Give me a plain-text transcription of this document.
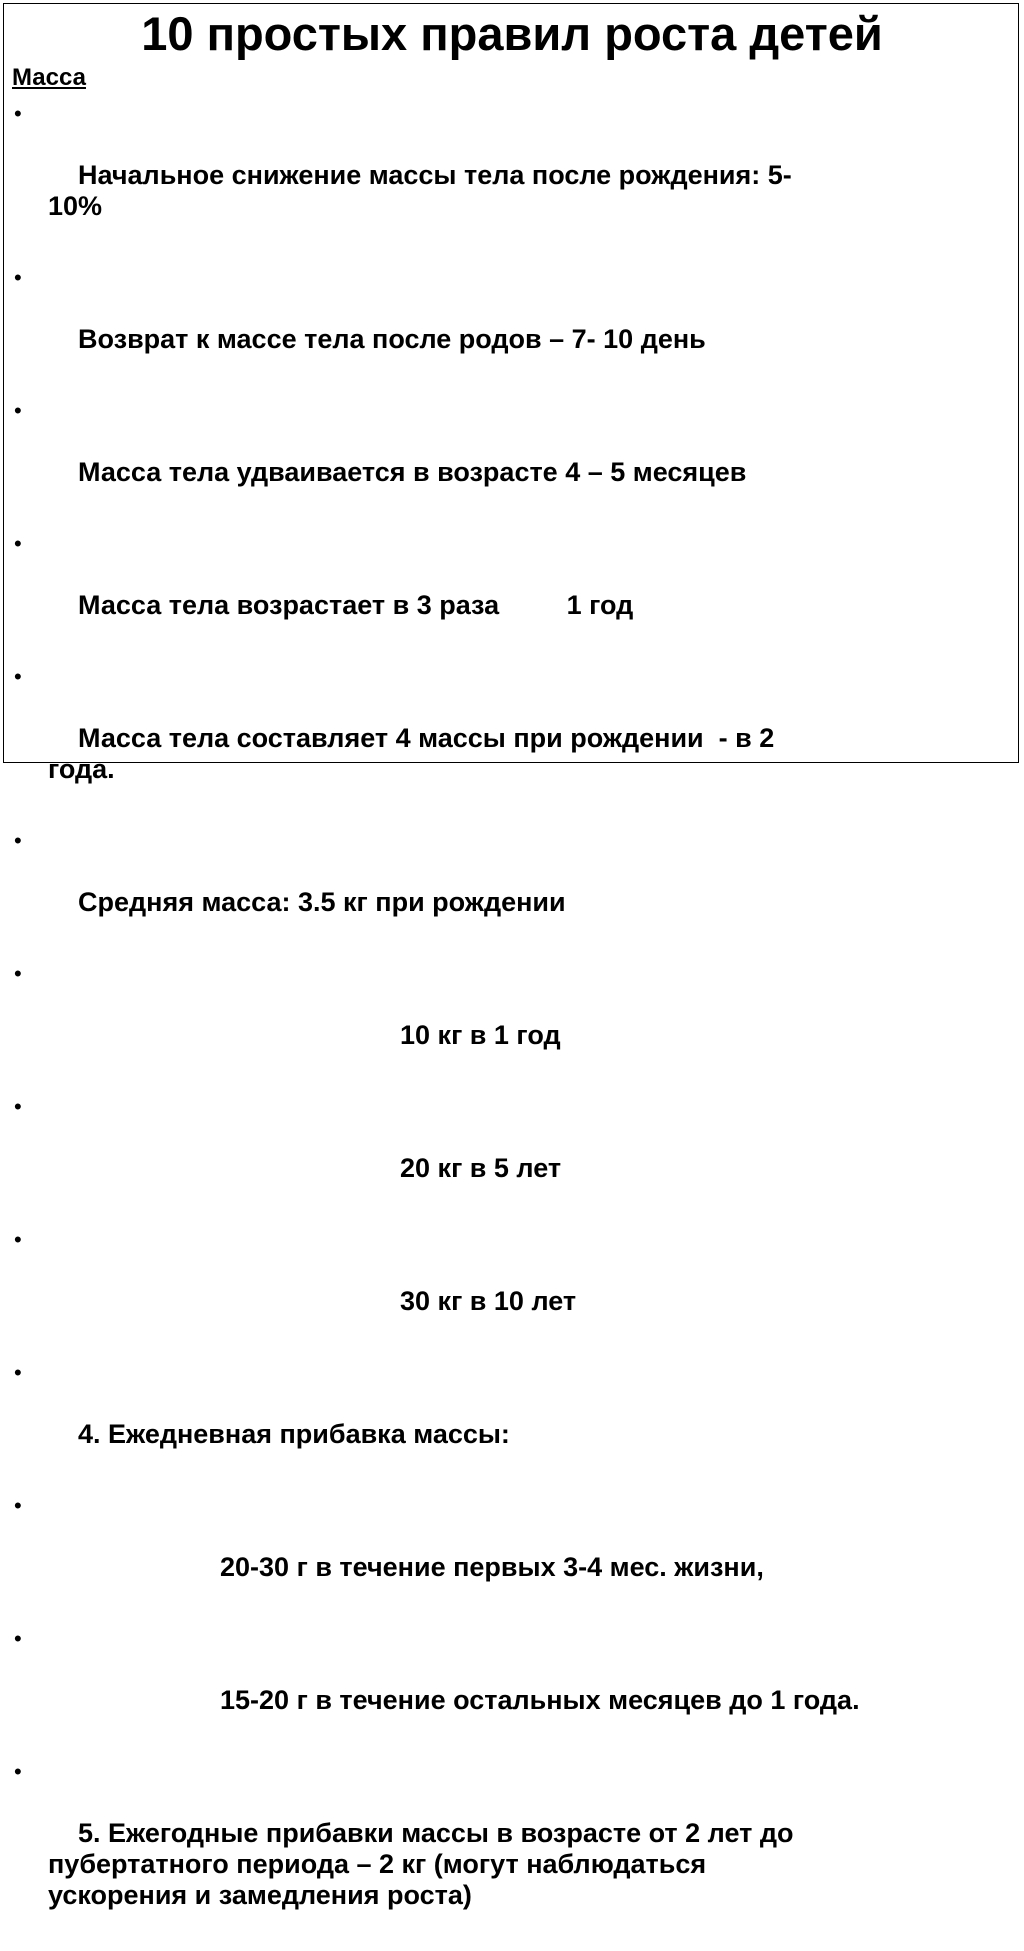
10 простых правил роста детей
Масса

•

Начальное снижение массы тела после рождения: 5-
10%

•

Возврат к массе тела после родов – 7- 10 день

•

Масса тела удваивается в возрасте 4 – 5 месяцев

•

Масса тела возрастает в 3 раза         1 год

•

Масса тела составляет 4 массы при рождении  - в 2
года.

•

Средняя масса: 3.5 кг при рождении

•

10 кг в 1 год

•

20 кг в 5 лет

•

30 кг в 10 лет

•

4. Ежедневная прибавка массы:

•

20-30 г в течение первых 3-4 мес. жизни,

•

15-20 г в течение остальных месяцев до 1 года.

•

5. Ежегодные прибавки массы в возрасте от 2 лет до
пубертатного периода – 2 кг (могут наблюдаться
ускорения и замедления роста)
